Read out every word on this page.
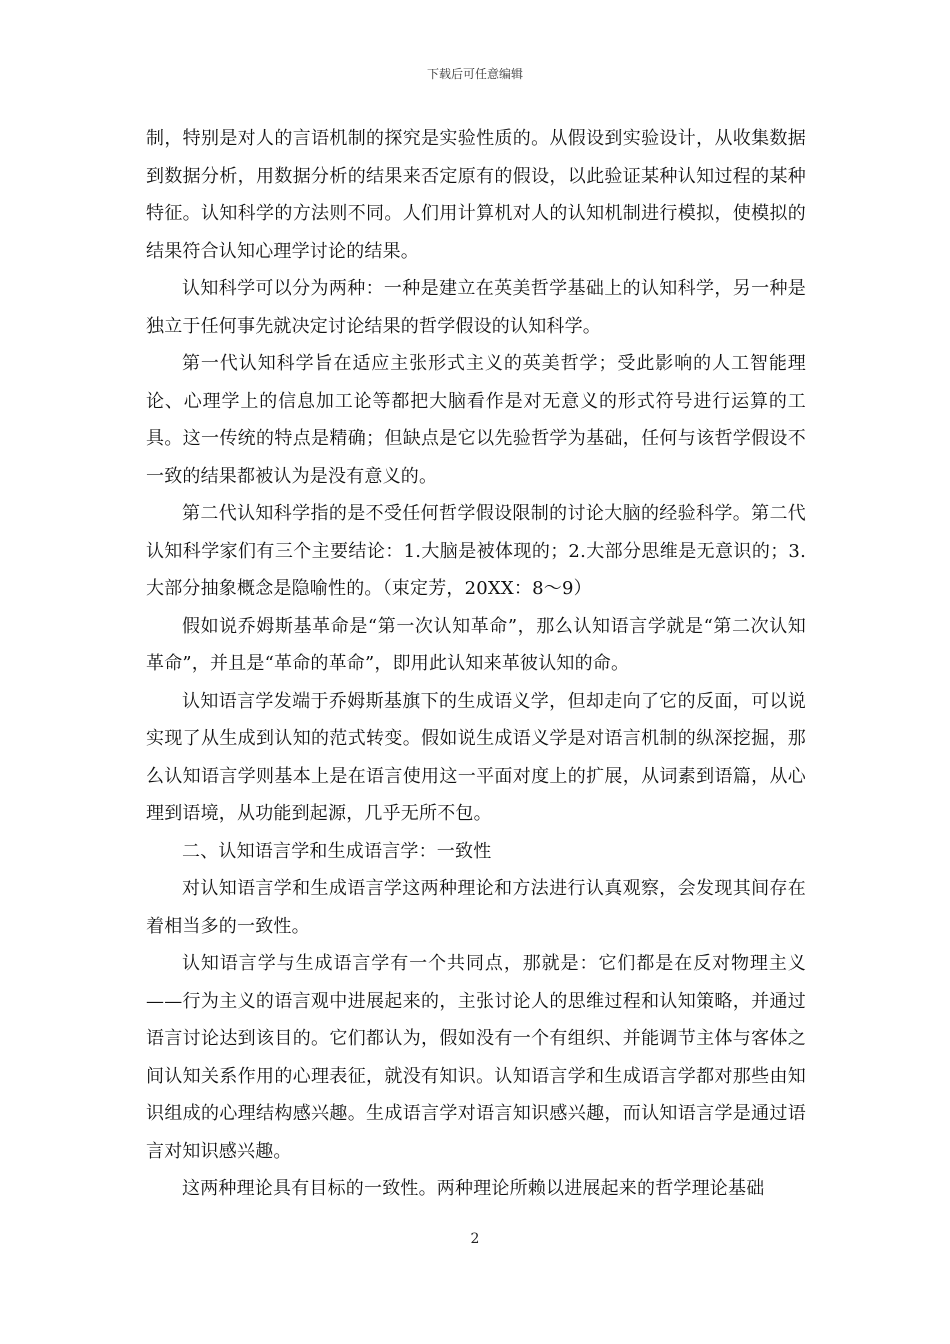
下载后可任意编辑

制，特别是对人的言语机制的探究是实验性质的。从假设到实验设计，从收集数据到数据分析，用数据分析的结果来否定原有的假设，以此验证某种认知过程的某种特征。认知科学的方法则不同。人们用计算机对人的认知机制进行模拟，使模拟的结果符合认知心理学讨论的结果。

认知科学可以分为两种：一种是建立在英美哲学基础上的认知科学，另一种是独立于任何事先就决定讨论结果的哲学假设的认知科学。

第一代认知科学旨在适应主张形式主义的英美哲学；受此影响的人工智能理论、心理学上的信息加工论等都把大脑看作是对无意义的形式符号进行运算的工具。这一传统的特点是精确；但缺点是它以先验哲学为基础，任何与该哲学假设不一致的结果都被认为是没有意义的。

第二代认知科学指的是不受任何哲学假设限制的讨论大脑的经验科学。第二代认知科学家们有三个主要结论：1.大脑是被体现的；2.大部分思维是无意识的；3.大部分抽象概念是隐喻性的。（束定芳，20XX：8～9）

假如说乔姆斯基革命是“第一次认知革命”，那么认知语言学就是“第二次认知革命”，并且是“革命的革命”，即用此认知来革彼认知的命。

认知语言学发端于乔姆斯基旗下的生成语义学，但却走向了它的反面，可以说实现了从生成到认知的范式转变。假如说生成语义学是对语言机制的纵深挖掘，那么认知语言学则基本上是在语言使用这一平面对度上的扩展，从词素到语篇，从心理到语境，从功能到起源，几乎无所不包。

二、认知语言学和生成语言学：一致性

对认知语言学和生成语言学这两种理论和方法进行认真观察，会发现其间存在着相当多的一致性。

认知语言学与生成语言学有一个共同点，那就是：它们都是在反对物理主义——行为主义的语言观中进展起来的，主张讨论人的思维过程和认知策略，并通过语言讨论达到该目的。它们都认为，假如没有一个有组织、并能调节主体与客体之间认知关系作用的心理表征，就没有知识。认知语言学和生成语言学都对那些由知识组成的心理结构感兴趣。生成语言学对语言知识感兴趣，而认知语言学是通过语言对知识感兴趣。

这两种理论具有目标的一致性。两种理论所赖以进展起来的哲学理论基础

2
